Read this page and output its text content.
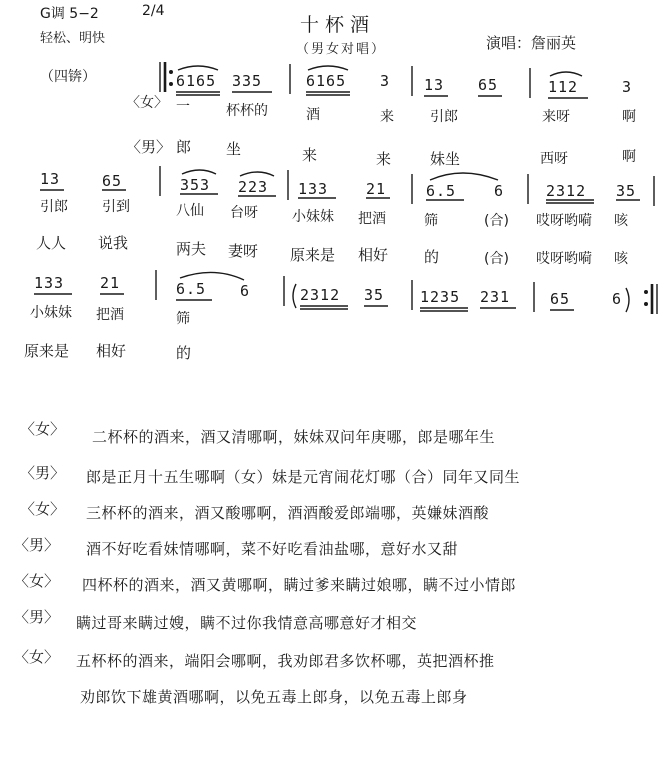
G调 5−2	2/4
轻松、明快
十杯酒
（男女对唱）	演唱：詹丽英
（四锛）	6165 335	6165 3 13 65	112	3
〈女〉 一	杯杯的	酒	来	引郎	来呀	啊
〈男〉 郎 坐	来	来	妹坐	西呀	啊
13	65	353 223 133	21	6.5	6	2312 35
引郎 引到	八仙 台呀 小妹妹 把酒	筛	(合) 哎呀哟嗬 咳
人人 说我	两夫 妻呀 原来是 相好 的	(合) 哎呀哟嗬 咳
133 21	6.5 6	2312 35 1235 231	65	6
小妹妹 把酒	筛
原来是 相好	的
〈女〉 二杯杯的酒来，酒又清哪啊，妹妹双问年庚哪，郎是哪年生
〈男〉 郎是正月十五生哪啊（女）妹是元宵闹花灯哪（合）同年又同生
〈女〉 三杯杯的酒来，酒又酸哪啊，酒酒酸爱郎端哪，英嫌妹酒酸
〈男〉 酒不好吃看妹情哪啊，菜不好吃看油盐哪，意好水又甜
〈女〉 四杯杯的酒来，酒又黄哪啊，瞒过爹来瞒过娘哪，瞒不过小情郎
〈男〉 瞒过哥来瞒过嫂，瞒不过你我情意高哪意好才相交
〈女〉 五杯杯的酒来，端阳会哪啊，我劝郎君多饮杯哪，英把酒杯推
劝郎饮下雄黄酒哪啊，以免五毒上郎身，以免五毒上郎身
